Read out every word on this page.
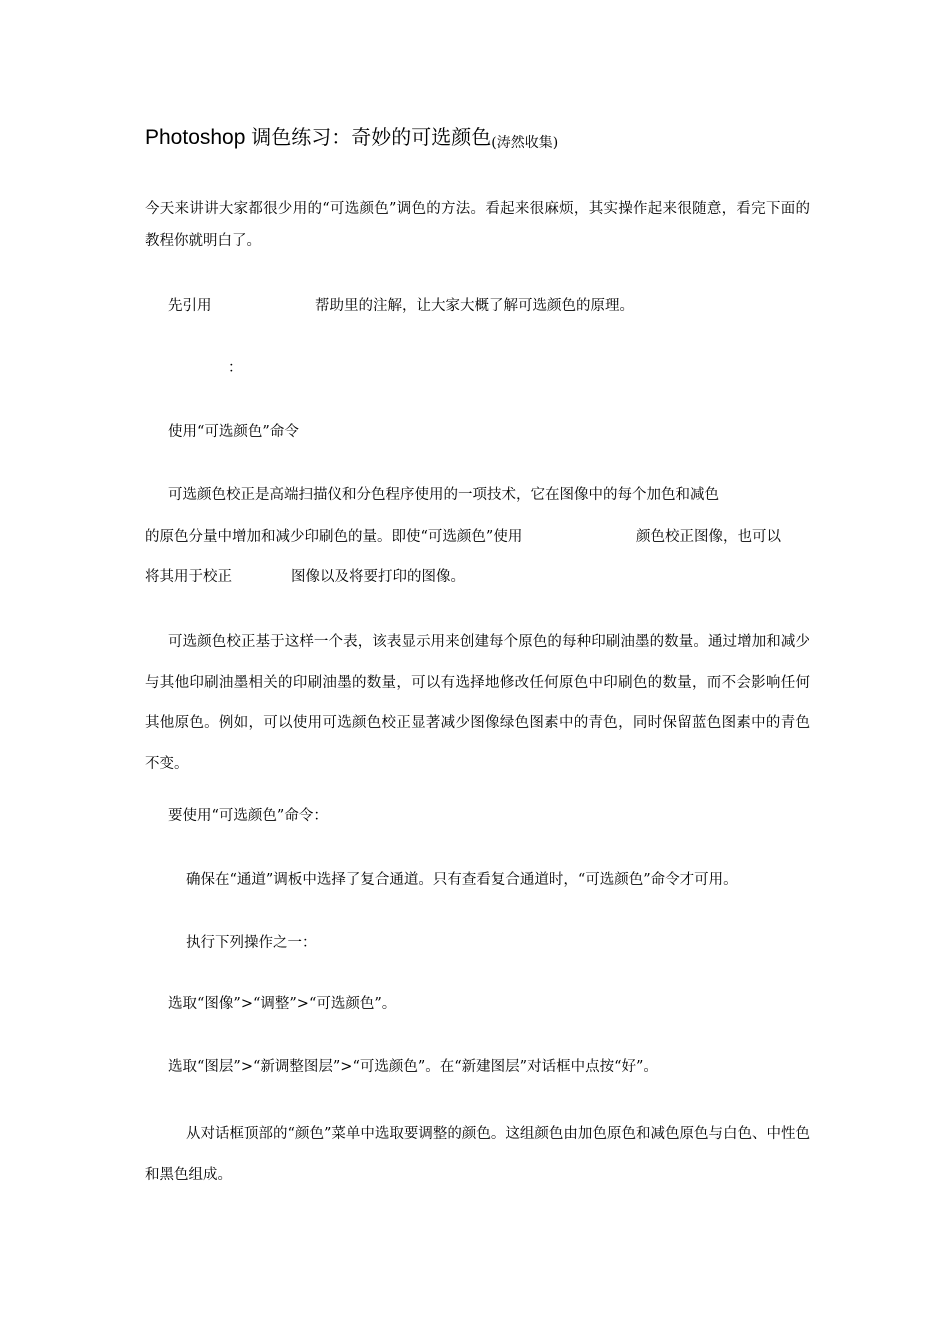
Photoshop 调色练习：奇妙的可选颜色(涛然收集)
今天来讲讲大家都很少用的“可选颜色”调色的方法。看起来很麻烦，其实操作起来很随意，看完下面的教程你就明白了。
先引用	帮助里的注解，让大家大概了解可选颜色的原理。
：
使用“可选颜色”命令
可选颜色校正是高端扫描仪和分色程序使用的一项技术，它在图像中的每个加色和减色
的原色分量中增加和减少印刷色的量。即使“可选颜色”使用	颜色校正图像，也可以
将其用于校正	图像以及将要打印的图像。
可选颜色校正基于这样一个表，该表显示用来创建每个原色的每种印刷油墨的数量。通过增加和减少与其他印刷油墨相关的印刷油墨的数量，可以有选择地修改任何原色中印刷色的数量，而不会影响任何其他原色。例如，可以使用可选颜色校正显著减少图像绿色图素中的青色，同时保留蓝色图素中的青色不变。
要使用“可选颜色”命令：
确保在“通道”调板中选择了复合通道。只有查看复合通道时，“可选颜色”命令才可用。
执行下列操作之一：
选取“图像”>“调整”>“可选颜色”。
选取“图层”>“新调整图层”>“可选颜色”。在“新建图层”对话框中点按“好”。
从对话框顶部的“颜色”菜单中选取要调整的颜色。这组颜色由加色原色和减色原色与白色、中性色和黑色组成。
